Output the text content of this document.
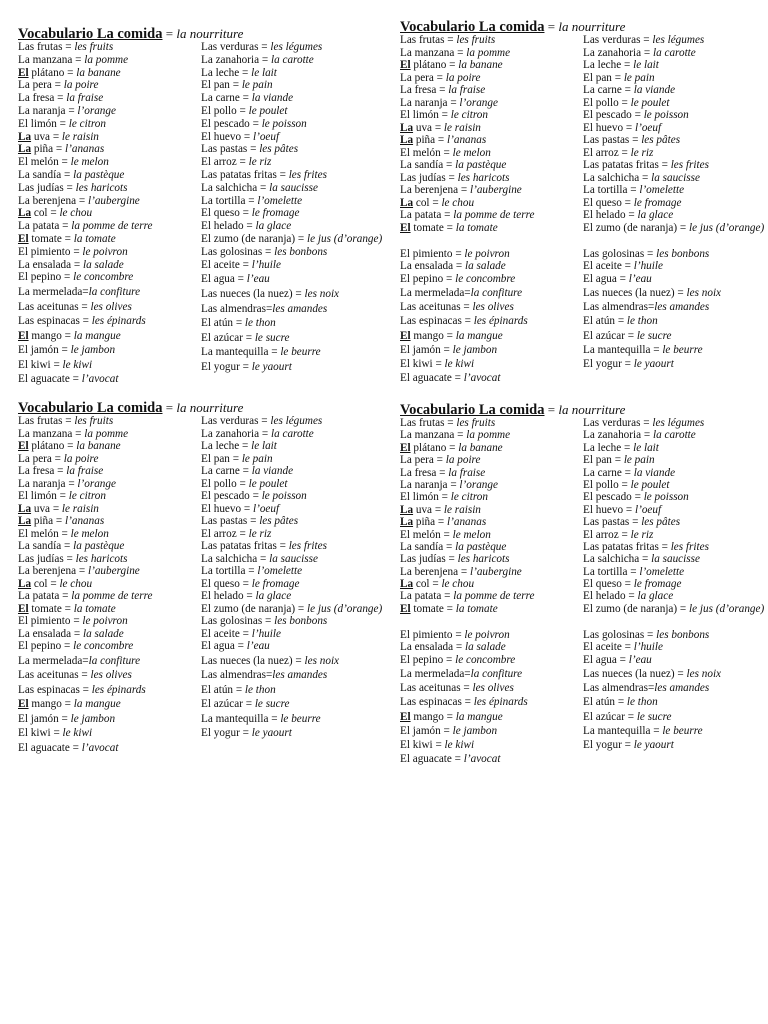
Vocabulario La comida = la nourriture
Las frutas = les fruits
La manzana = la pomme
El plátano = la banane
La pera = la poire
La fresa = la fraise
La naranja = l’orange
El limón = le citron
La uva = le raisin
La piña = l’ananas
El melón = le melon
La sandía = la pastèque
Las judías = les haricots
La berenjena = l’aubergine
La col = le chou
La patata = la pomme de terre
El tomate = la tomate
El pimiento = le poivron
La ensalada = la salade
El pepino = le concombre
La mermelada=la confiture
Las aceitunas = les olives
Las espinacas = les épinards
El mango = la mangue
El jamón = le jambon
El kiwi = le kiwi
El aguacate = l’avocat
Las verduras = les légumes
La zanahoria = la carotte
La leche = le lait
El pan = le pain
La carne = la viande
El pollo = le poulet
El pescado = le poisson
El huevo = l’oeuf
Las pastas = les pâtes
El arroz = le riz
Las patatas fritas = les frites
La salchicha = la saucisse
La tortilla = l’omelette
El queso = le fromage
El helado = la glace
El zumo (de naranja) = le jus (d’orange)
Las golosinas = les bonbons
El aceite = l’huile
El agua = l’eau
Las nueces (la nuez) = les noix
Las almendras=les amandes
El atún = le thon
El azúcar = le sucre
La mantequilla = le beurre
El yogur = le yaourt
Vocabulario La comida = la nourriture
Las frutas = les fruits
La manzana = la pomme
El plátano = la banane
La pera = la poire
La fresa = la fraise
La naranja = l’orange
El limón = le citron
La uva = le raisin
La piña = l’ananas
El melón = le melon
La sandía = la pastèque
Las judías = les haricots
La berenjena = l’aubergine
La col = le chou
La patata = la pomme de terre
El tomate = la tomate
El pimiento = le poivron
La ensalada = la salade
El pepino = le concombre
La mermelada=la confiture
Las aceitunas = les olives
Las espinacas = les épinards
El mango = la mangue
El jamón = le jambon
El kiwi = le kiwi
El aguacate = l’avocat
Las verduras = les légumes
La zanahoria = la carotte
La leche = le lait
El pan = le pain
La carne = la viande
El pollo = le poulet
El pescado = le poisson
El huevo = l’oeuf
Las pastas = les pâtes
El arroz = le riz
Las patatas fritas = les frites
La salchicha = la saucisse
La tortilla = l’omelette
El queso = le fromage
El helado = la glace
El zumo (de naranja) = le jus (d’orange)
Las golosinas = les bonbons
El aceite = l’huile
El agua = l’eau
Las nueces (la nuez) = les noix
Las almendras=les amandes
El atún = le thon
El azúcar = le sucre
La mantequilla = le beurre
El yogur = le yaourt
Vocabulario La comida = la nourriture
Las frutas = les fruits
La manzana = la pomme
El plátano = la banane
La pera = la poire
La fresa = la fraise
La naranja = l’orange
El limón = le citron
La uva = le raisin
La piña = l’ananas
El melón = le melon
La sandía = la pastèque
Las judías = les haricots
La berenjena = l’aubergine
La col = le chou
La patata = la pomme de terre
El tomate = la tomate
El pimiento = le poivron
La ensalada = la salade
El pepino = le concombre
La mermelada=la confiture
Las aceitunas = les olives
Las espinacas = les épinards
El mango = la mangue
El jamón = le jambon
El kiwi = le kiwi
El aguacate = l’avocat
Las verduras = les légumes
La zanahoria = la carotte
La leche = le lait
El pan = le pain
La carne = la viande
El pollo = le poulet
El pescado = le poisson
El huevo = l’oeuf
Las pastas = les pâtes
El arroz = le riz
Las patatas fritas = les frites
La salchicha = la saucisse
La tortilla = l’omelette
El queso = le fromage
El helado = la glace
El zumo (de naranja) = le jus (d’orange)
Las golosinas = les bonbons
El aceite = l’huile
El agua = l’eau
Las nueces (la nuez) = les noix
Las almendras=les amandes
El atún = le thon
El azúcar = le sucre
La mantequilla = le beurre
El yogur = le yaourt
Vocabulario La comida = la nourriture
Las frutas = les fruits
La manzana = la pomme
El plátano = la banane
La pera = la poire
La fresa = la fraise
La naranja = l’orange
El limón = le citron
La uva = le raisin
La piña = l’ananas
El melón = le melon
La sandía = la pastèque
Las judías = les haricots
La berenjena = l’aubergine
La col = le chou
La patata = la pomme de terre
El tomate = la tomate
El pimiento = le poivron
La ensalada = la salade
El pepino = le concombre
La mermelada=la confiture
Las aceitunas = les olives
Las espinacas = les épinards
El mango = la mangue
El jamón = le jambon
El kiwi = le kiwi
El aguacate = l’avocat
Las verduras = les légumes
La zanahoria = la carotte
La leche = le lait
El pan = le pain
La carne = la viande
El pollo = le poulet
El pescado = le poisson
El huevo = l’oeuf
Las pastas = les pâtes
El arroz = le riz
Las patatas fritas = les frites
La salchicha = la saucisse
La tortilla = l’omelette
El queso = le fromage
El helado = la glace
El zumo (de naranja) = le jus (d’orange)
Las golosinas = les bonbons
El aceite = l’huile
El agua = l’eau
Las nueces (la nuez) = les noix
Las almendras=les amandes
El atún = le thon
El azúcar = le sucre
La mantequilla = le beurre
El yogur = le yaourt
